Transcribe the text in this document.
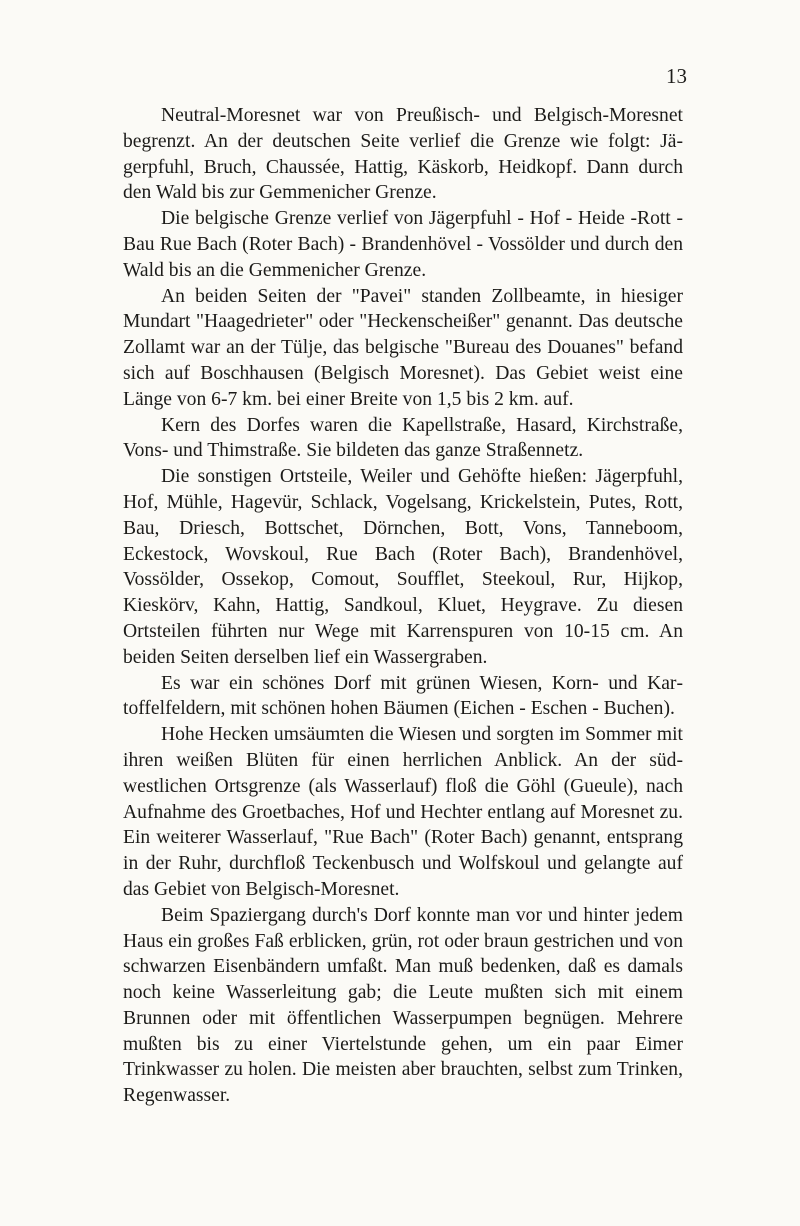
13

Neutral-Moresnet war von Preußisch- und Belgisch-Moresnet begrenzt. An der deutschen Seite verlief die Grenze wie folgt: Jägerpfuhl, Bruch, Chaussée, Hattig, Käskorb, Heidkopf. Dann durch den Wald bis zur Gemmenicher Grenze.

Die belgische Grenze verlief von Jägerpfuhl - Hof - Heide -Rott - Bau Rue Bach (Roter Bach) - Brandenhövel - Vossölder und durch den Wald bis an die Gemmenicher Grenze.

An beiden Seiten der "Pavei" standen Zollbeamte, in hiesiger Mundart "Haagedrieter" oder "Heckenscheißer" genannt. Das deutsche Zollamt war an der Tülje, das belgische "Bureau des Douanes" befand sich auf Boschhausen (Belgisch Moresnet). Das Gebiet weist eine Länge von 6-7 km. bei einer Breite von 1,5 bis 2 km. auf.

Kern des Dorfes waren die Kapellstraße, Hasard, Kirchstraße, Vons- und Thimstraße. Sie bildeten das ganze Straßennetz.

Die sonstigen Ortsteile, Weiler und Gehöfte hießen: Jägerpfuhl, Hof, Mühle, Hagevür, Schlack, Vogelsang, Krickelstein, Putes, Rott, Bau, Driesch, Bottschet, Dörnchen, Bott, Vons, Tanneboom, Eckestock, Wovskoul, Rue Bach (Roter Bach), Brandenhövel, Vossölder, Ossekop, Comout, Soufflet, Steekoul, Rur, Hijkop, Kieskörv, Kahn, Hattig, Sandkoul, Kluet, Heygrave. Zu diesen Ortsteilen führten nur Wege mit Karrenspuren von 10-15 cm. An beiden Seiten derselben lief ein Wassergraben.

Es war ein schönes Dorf mit grünen Wiesen, Korn- und Kartoffelfeldern, mit schönen hohen Bäumen (Eichen - Eschen - Buchen).

Hohe Hecken umsäumten die Wiesen und sorgten im Sommer mit ihren weißen Blüten für einen herrlichen Anblick. An der südwestlichen Ortsgrenze (als Wasserlauf) floß die Göhl (Gueule), nach Aufnahme des Groetbaches, Hof und Hechter entlang auf Moresnet zu. Ein weiterer Wasserlauf, "Rue Bach" (Roter Bach) genannt, entsprang in der Ruhr, durchfloß Teckenbusch und Wolfskoul und gelangte auf das Gebiet von Belgisch-Moresnet.

Beim Spaziergang durch's Dorf konnte man vor und hinter jedem Haus ein großes Faß erblicken, grün, rot oder braun gestrichen und von schwarzen Eisenbändern umfaßt. Man muß bedenken, daß es damals noch keine Wasserleitung gab; die Leute mußten sich mit einem Brunnen oder mit öffentlichen Wasserpumpen begnügen. Mehrere mußten bis zu einer Viertelstunde gehen, um ein paar Eimer Trinkwasser zu holen. Die meisten aber brauchten, selbst zum Trinken, Regenwasser.
